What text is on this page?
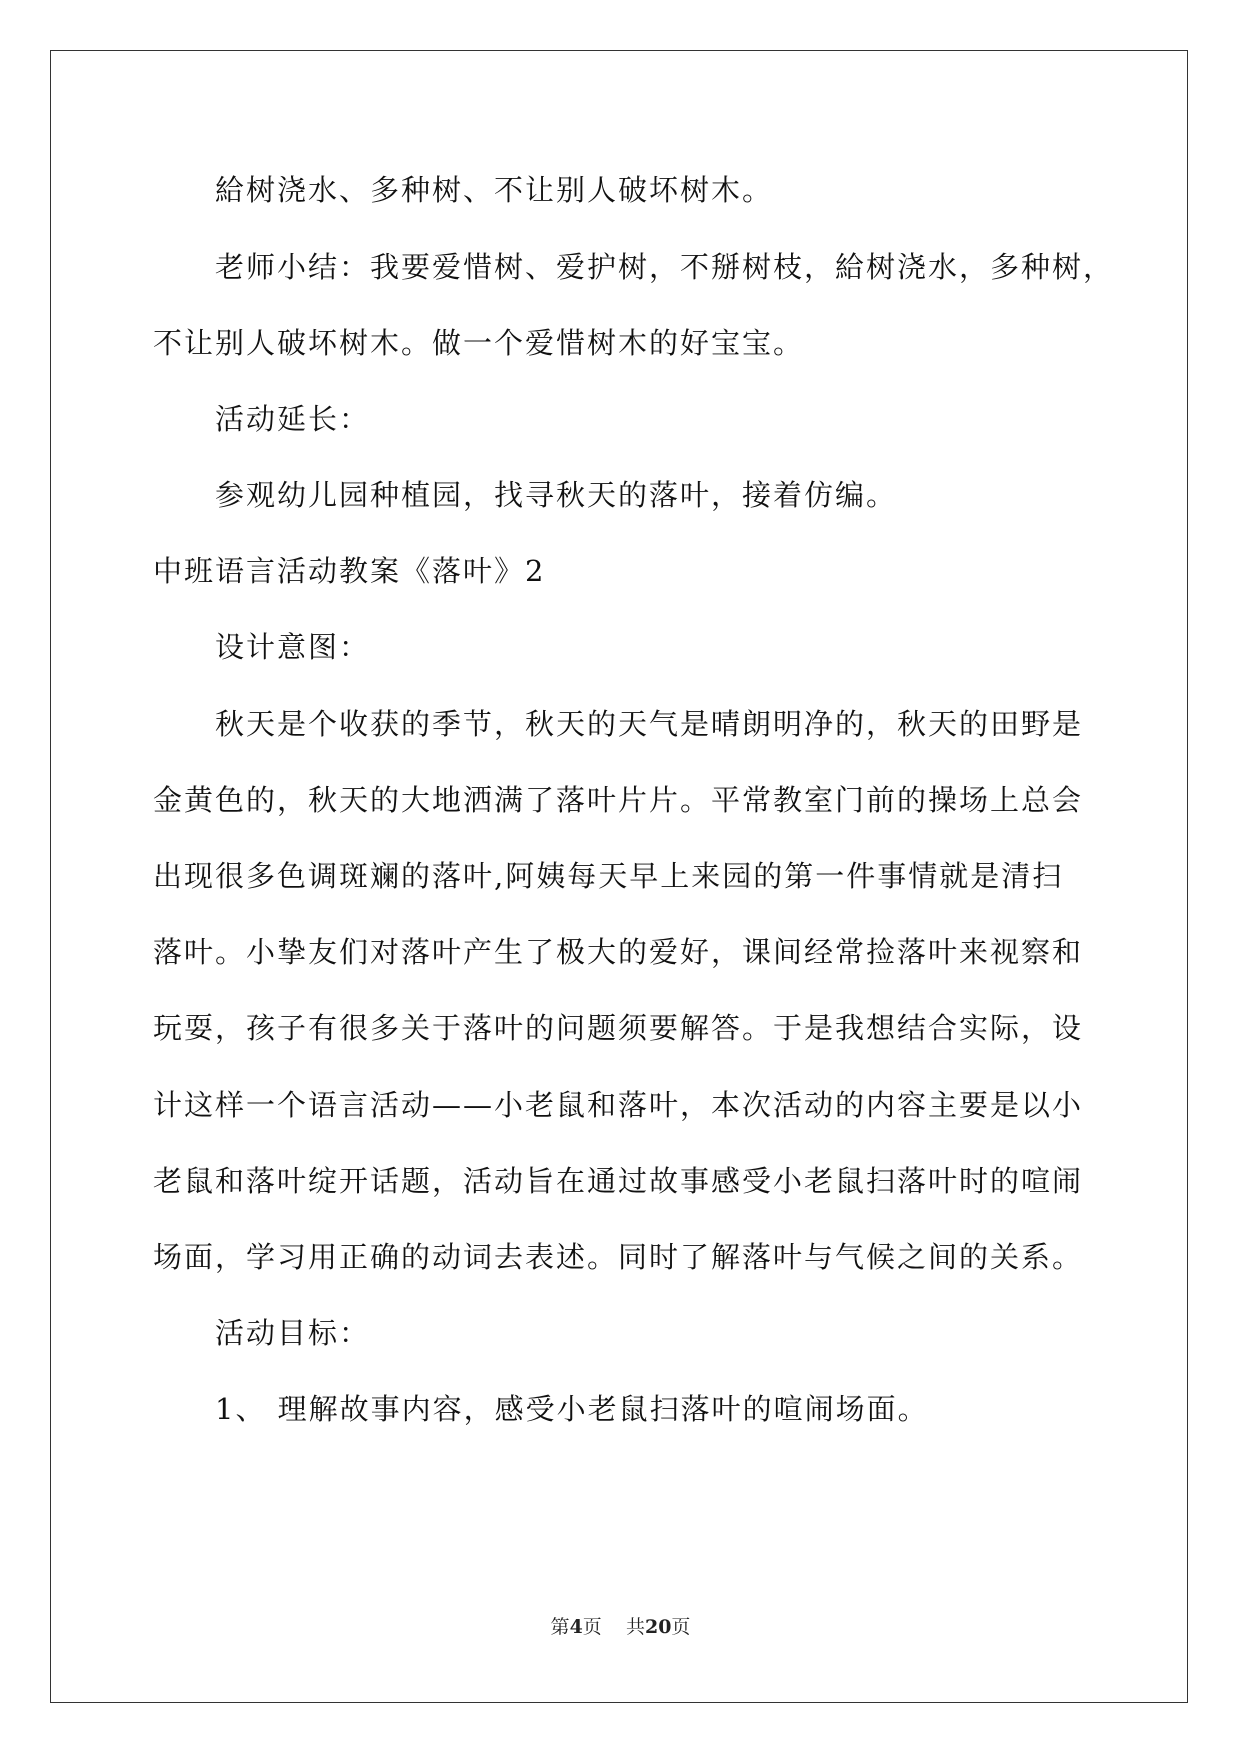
給树浇水、多种树、不让别人破坏树木。
老师小结：我要爱惜树、爱护树，不掰树枝，給树浇水，多种树，
不让别人破坏树木。做一个爱惜树木的好宝宝。
活动延长：
参观幼儿园种植园，找寻秋天的落叶，接着仿编。
中班语言活动教案《落叶》2
设计意图：
秋天是个收获的季节，秋天的天气是晴朗明净的，秋天的田野是
金黄色的，秋天的大地洒满了落叶片片。平常教室门前的操场上总会
出现很多色调斑斓的落叶,阿姨每天早上来园的第一件事情就是清扫
落叶。小挚友们对落叶产生了极大的爱好，课间经常捡落叶来视察和
玩耍，孩子有很多关于落叶的问题须要解答。于是我想结合实际，设
计这样一个语言活动——小老鼠和落叶，本次活动的内容主要是以小
老鼠和落叶绽开话题，活动旨在通过故事感受小老鼠扫落叶时的喧闹
场面，学习用正确的动词去表述。同时了解落叶与气候之间的关系。
活动目标：
1、 理解故事内容，感受小老鼠扫落叶的喧闹场面。
第4页    共20页
